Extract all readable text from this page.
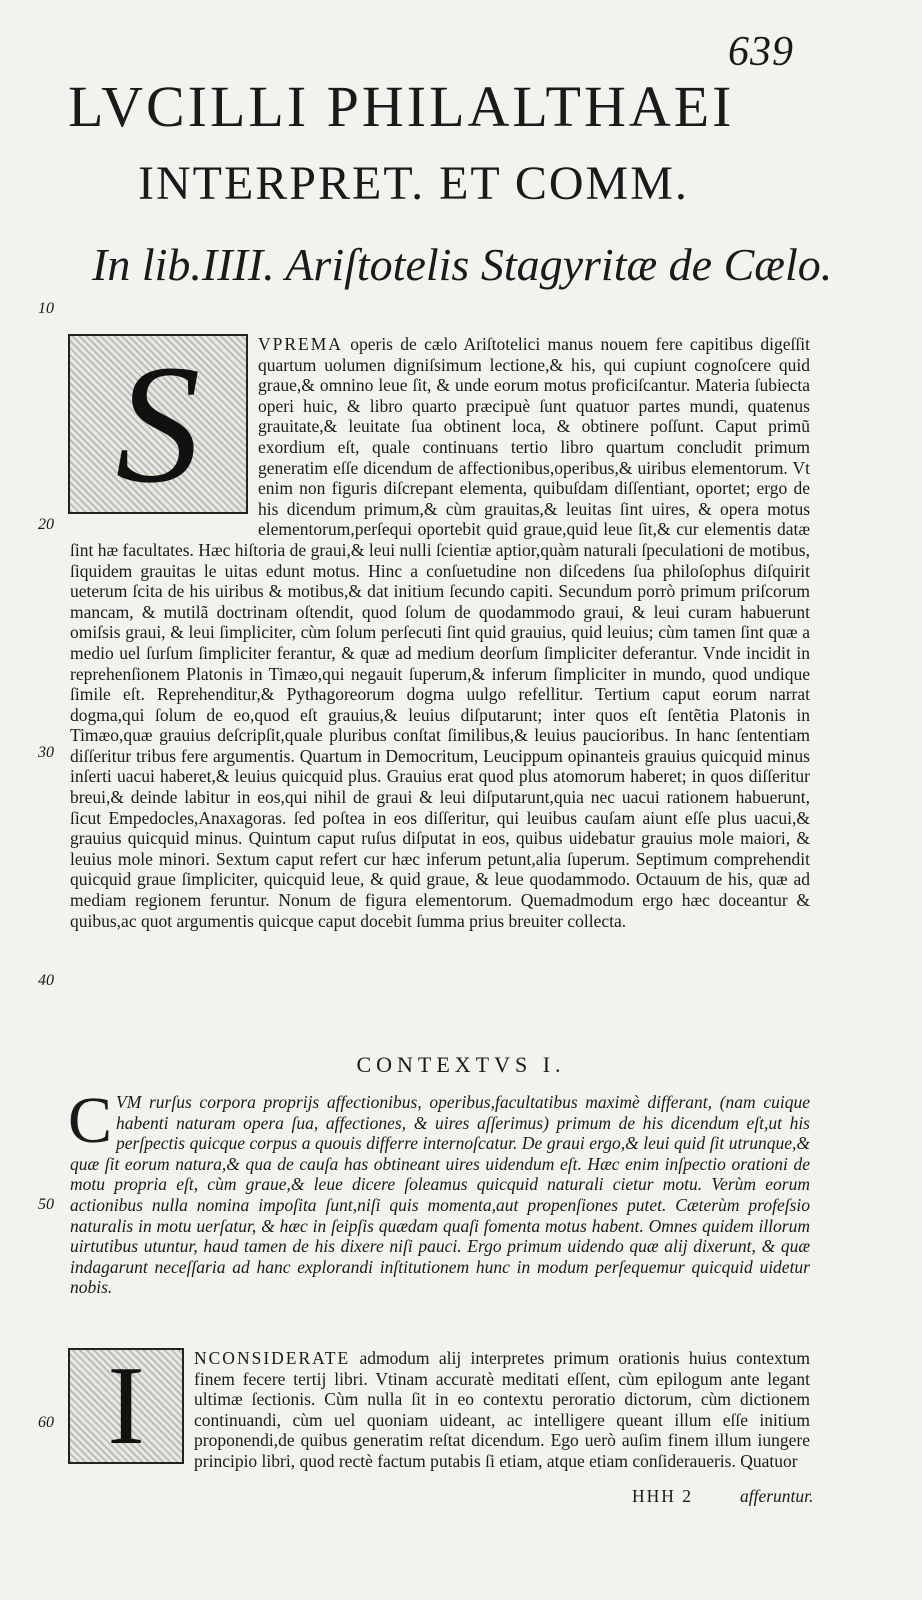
639
LVCILLI PHILALTHAEI
INTERPRET. ET COMM.
In lib.IIII. Ariſtotelis Stagyritæ de Cælo.
10
20
30
40
50
60
S	VPREMA operis de cælo Ariſtotelici manus nouem fere capitibus digeſſit quartum uolumen digniſsimum lectione,& his, qui cupiunt cognoſcere quid graue,& omnino leue ſit, & unde eorum motus proficiſcantur. Materia ſubiecta operi huic, & libro quarto præcipuè ſunt quatuor partes mundi, quatenus grauitate,& leuitate ſua obtinent loca, & obtinere poſſunt. Caput primũ exordium eſt, quale continuans tertio libro quartum concludit primum generatim eſſe dicendum de affectionibus,operibus,& uiribus elementorum. Vt enim non figuris diſcrepant elementa, quibuſdam diſſentiant, oportet; ergo de his dicendum primum,& cùm grauitas,& leuitas ſint uires, & opera motus elementorum,perſequi oportebit quid graue,quid leue ſit,& cur elementis datæ ſint hæ facultates. Hæc hiſtoria de graui,& leui nulli ſcientiæ aptior,quàm naturali ſpeculationi de motibus, ſiquidem grauitas le uitas edunt motus. Hinc a conſuetudine non diſcedens ſua philoſophus diſquirit ueterum ſcita de his uiribus & motibus,& dat initium ſecundo capiti. Secundum porrò primum priſcorum mancam, & mutilã doctrinam oſtendit, quod ſolum de quodammodo graui, & leui curam habuerunt omiſsis graui, & leui ſimpliciter, cùm ſolum perſecuti ſint quid grauius, quid leuius; cùm tamen ſint quæ a medio uel ſurſum ſimpliciter ferantur, & quæ ad medium deorſum ſimpliciter deferantur. Vnde incidit in reprehenſionem Platonis in Timæo,qui negauit ſuperum,& inferum ſimpliciter in mundo, quod undique ſimile eſt. Reprehenditur,& Pythagoreorum dogma uulgo refellitur. Tertium caput eorum narrat dogma,qui ſolum de eo,quod eſt grauius,& leuius diſputarunt; inter quos eſt ſentẽtia Platonis in Timæo,quæ grauius deſcripſit,quale pluribus conſtat ſimilibus,& leuius paucioribus. In hanc ſententiam diſſeritur tribus fere argumentis. Quartum in Democritum, Leucippum opinanteis grauius quicquid minus inſerti uacui haberet,& leuius quicquid plus. Grauius erat quod plus atomorum haberet; in quos diſſeritur breui,& deinde labitur in eos,qui nihil de graui & leui diſputarunt,quia nec uacui rationem habuerunt, ſicut Empedocles,Anaxagoras. ſed poſtea in eos diſſeritur, qui leuibus cauſam aiunt eſſe plus uacui,& grauius quicquid minus. Quintum caput ruſus diſputat in eos, quibus uidebatur grauius mole maiori, & leuius mole minori. Sextum caput refert cur hæc inferum petunt,alia ſuperum. Septimum comprehendit quicquid graue ſimpliciter, quicquid leue, & quid graue, & leue quodammodo. Octauum de his, quæ ad mediam regionem feruntur. Nonum de figura elementorum. Quemadmodum ergo hæc doceantur & quibus,ac quot argumentis quicque caput docebit ſumma prius breuiter collecta.
CONTEXTVS I.
CVM rurſus corpora proprijs affectionibus, operibus,facultatibus maximè differant, (nam cuique habenti naturam opera ſua, affectiones, & uires aſſerimus) primum de his dicendum eſt,ut his perſpectis quicque corpus a quouis differre internoſcatur. De graui ergo,& leui quid ſit utrunque,& quæ ſit eorum natura,& qua de cauſa has obtineant uires uidendum eſt. Hæc enim inſpectio orationi de motu propria eſt, cùm graue,& leue dicere ſoleamus quicquid naturali cietur motu. Verùm eorum actionibus nulla nomina impoſita ſunt,niſi quis momenta,aut propenſiones putet. Cæterùm profeſsio naturalis in motu uerſatur, & hæc in ſeipſis quædam quaſi fomenta motus habent. Omnes quidem illorum uirtutibus utuntur, haud tamen de his dixere niſi pauci. Ergo primum uidendo quæ alij dixerunt, & quæ indagarunt neceſſaria ad hanc explorandi inſtitutionem hunc in modum perſequemur quicquid uidetur nobis.
I	NCONSIDERATE admodum alij interpretes primum orationis huius contextum finem fecere tertij libri. Vtinam accuratè meditati eſſent, cùm epilogum ante legant ultimæ ſectionis. Cùm nulla ſit in eo contextu peroratio dictorum, cùm dictionem continuandi, cùm uel quoniam uideant, ac intelligere queant illum eſſe initium proponendi,de quibus generatim reſtat dicendum. Ego uerò auſim finem illum iungere principio libri, quod rectè factum putabis ſi etiam, atque etiam conſideraueris. Quatuor
HHH 2	afferuntur.
